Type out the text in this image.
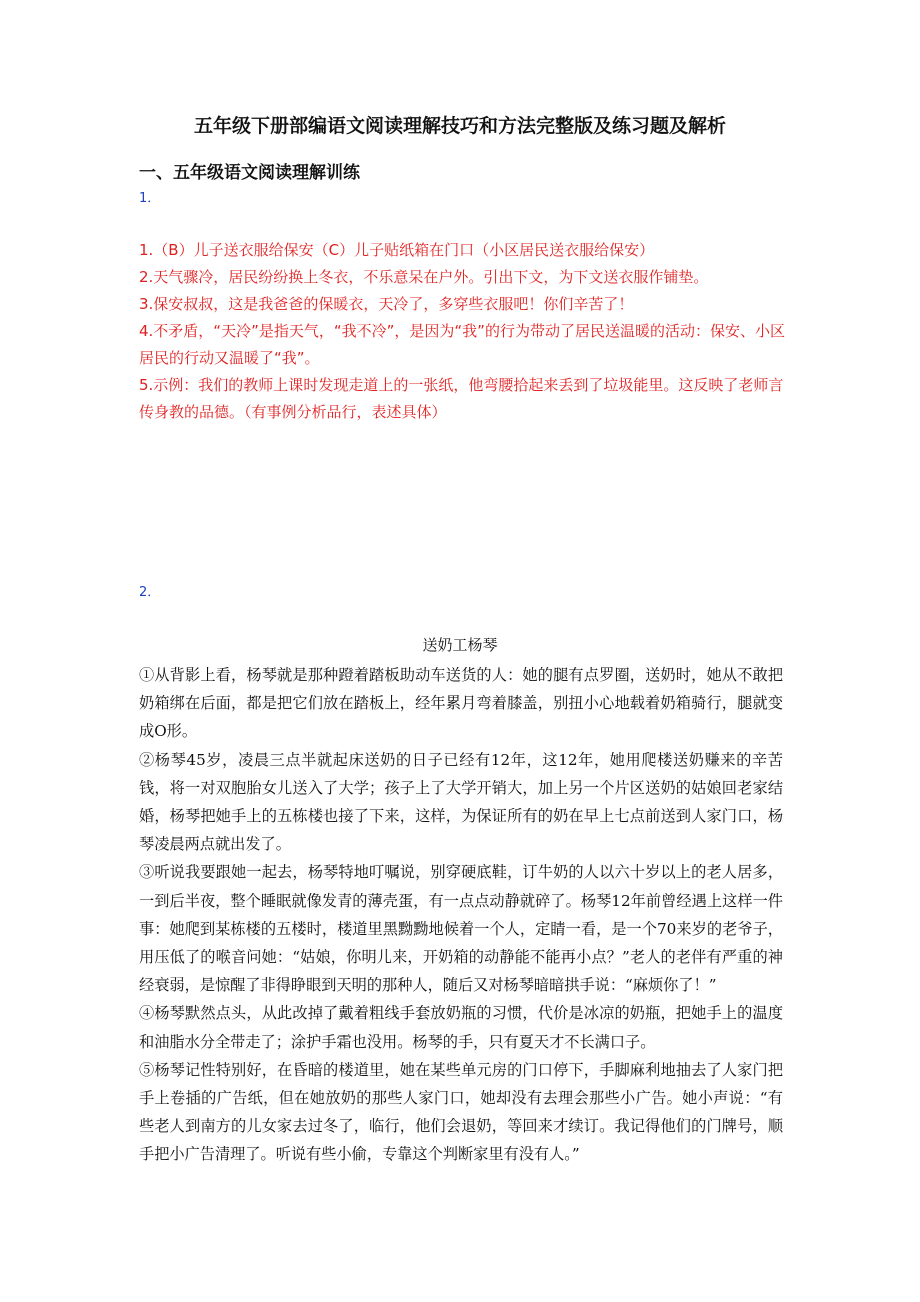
五年级下册部编语文阅读理解技巧和方法完整版及练习题及解析
一、五年级语文阅读理解训练
1．

1.（B）儿子送衣服给保安（C）儿子贴纸箱在门口（小区居民送衣服给保安）

2.天气骤冷，居民纷纷换上冬衣，不乐意呆在户外。引出下文，为下文送衣服作铺垫。

3.保安叔叔，这是我爸爸的保暖衣，天冷了，多穿些衣服吧！你们辛苦了！

4.不矛盾，“天冷”是指天气，“我不冷”，是因为“我”的行为带动了居民送温暖的活动：保安、小区居民的行动又温暖了“我”。

5.示例：我们的教师上课时发现走道上的一张纸，他弯腰拾起来丢到了垃圾能里。这反映了老师言传身教的品德。（有事例分析品行，表述具体）

2．
送奶工杨琴

①从背影上看，杨琴就是那种蹬着踏板助动车送货的人：她的腿有点罗圈，送奶时，她从不敢把奶箱绑在后面，都是把它们放在踏板上，经年累月弯着膝盖，别扭小心地载着奶箱骑行，腿就变成O形。

②杨琴45岁，凌晨三点半就起床送奶的日子已经有12年，这12年，她用爬楼送奶赚来的辛苦钱，将一对双胞胎女儿送入了大学；孩子上了大学开销大，加上另一个片区送奶的姑娘回老家结婚，杨琴把她手上的五栋楼也接了下来，这样，为保证所有的奶在早上七点前送到人家门口，杨琴凌晨两点就出发了。

③听说我要跟她一起去，杨琴特地叮嘱说，别穿硬底鞋，订牛奶的人以六十岁以上的老人居多，一到后半夜，整个睡眠就像发青的薄壳蛋，有一点点动静就碎了。杨琴12年前曾经遇上这样一件事：她爬到某栋楼的五楼时，楼道里黑黝黝地候着一个人，定睛一看，是一个70来岁的老爷子，用压低了的喉音问她：“姑娘，你明儿来，开奶箱的动静能不能再小点？”老人的老伴有严重的神经衰弱，是惊醒了非得睁眼到天明的那种人，随后又对杨琴暗暗拱手说：“麻烦你了！”

④杨琴默然点头，从此改掉了戴着粗线手套放奶瓶的习惯，代价是冰凉的奶瓶，把她手上的温度和油脂水分全带走了；涂护手霜也没用。杨琴的手，只有夏天才不长满口子。

⑤杨琴记性特别好，在昏暗的楼道里，她在某些单元房的门口停下，手脚麻利地抽去了人家门把手上卷插的广告纸，但在她放奶的那些人家门口，她却没有去理会那些小广告。她小声说：“有些老人到南方的儿女家去过冬了，临行，他们会退奶，等回来才续订。我记得他们的门牌号，顺手把小广告清理了。听说有些小偷，专靠这个判断家里有没有人。”
